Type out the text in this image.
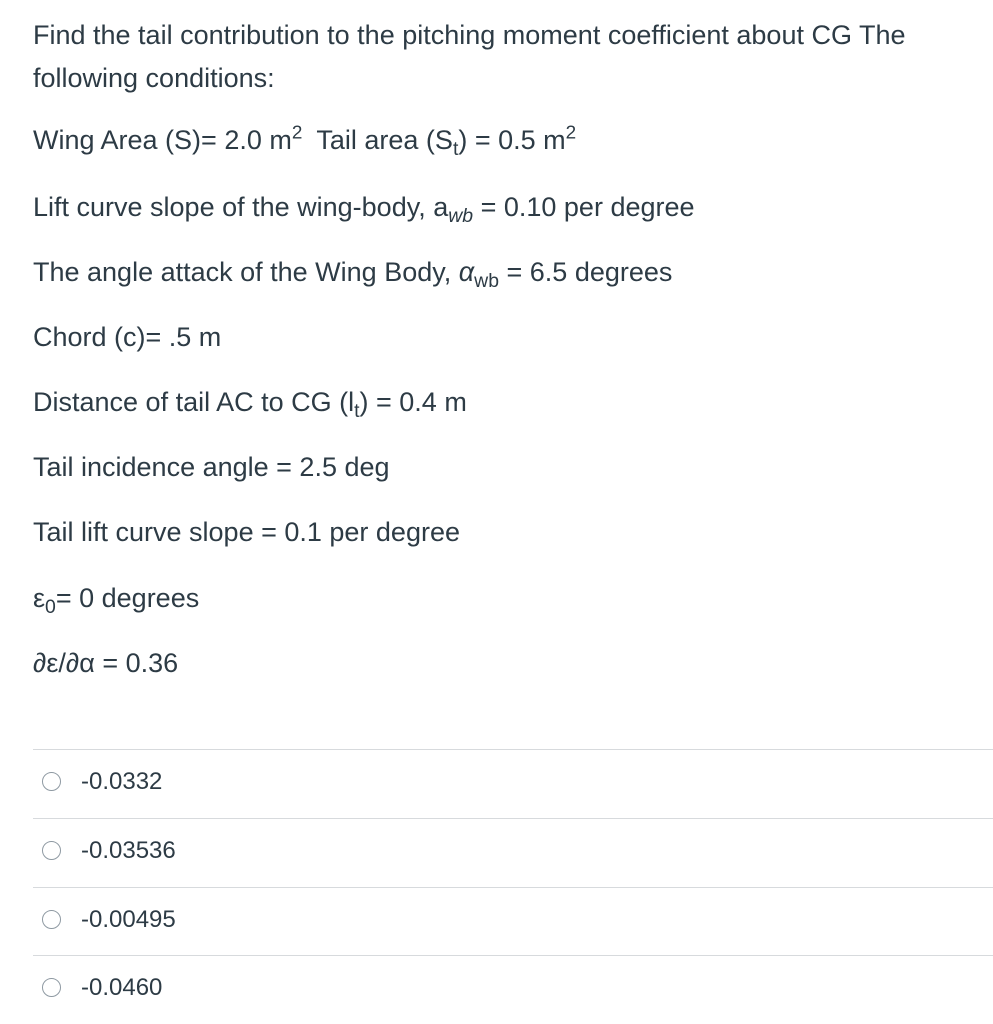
Find the tail contribution to the pitching moment coefficient about CG The following conditions:
Wing Area (S)= 2.0 $m^2$ Tail area $(S_t) = 0.5$ $m^2$
Lift curve slope of the wing-body, $a_{wb} = 0.10$ per degree
The angle attack of the Wing Body, $\alpha_{wb} = 6.5$ degrees
Chord (c)= .5 m
Distance of tail AC to CG $(l_t) = 0.4$ m
Tail incidence angle = 2.5 deg
Tail lift curve slope = 0.1 per degree
$\varepsilon_0= 0$ degrees
∂ε/∂α = 0.36
-0.0332
-0.03536
-0.00495
-0.0460
